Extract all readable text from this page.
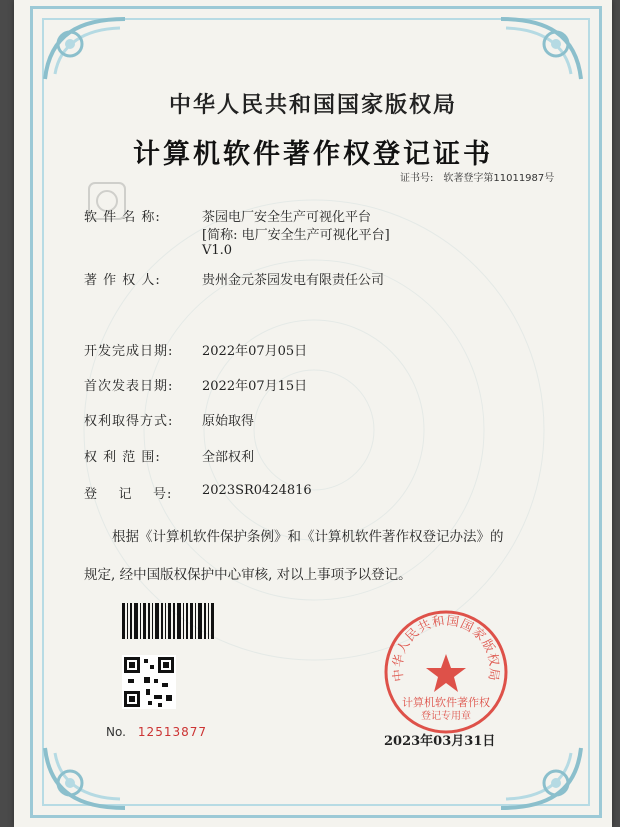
中华人民共和国国家版权局
计算机软件著作权登记证书
证书号: 软著登字第11011987号
软 件 名 称:	茶园电厂安全生产可视化平台
[简称: 电厂安全生产可视化平台]
V1.0
著 作 权 人:	贵州金元茶园发电有限责任公司
开发完成日期: 2022年07月05日
首次发表日期: 2022年07月15日
权利取得方式: 原始取得
权 利 范 围:	全部权利
登    记    号: 2023SR0424816
根据《计算机软件保护条例》和《计算机软件著作权登记办法》的
规定, 经中国版权保护中心审核, 对以上事项予以登记。
No. 12513877
中华人民共和国国家版权局
计算机软件著作权
登记专用章
2023年03月31日
